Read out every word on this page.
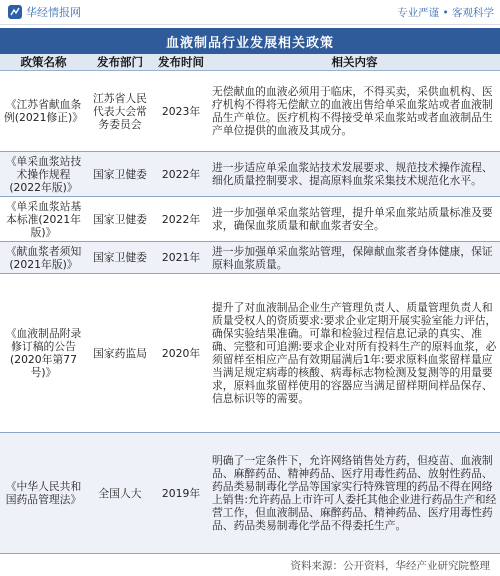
华经情报网	专业严谨 • 客观科学
血液制品行业发展相关政策
政策名称	发布部门	发布时间	相关内容
《江苏省献血条例(2021修正)》	江苏省人民代表大会常务委员会	2023年	无偿献血的血液必须用于临床，不得买卖，采供血机构、医疗机构不得将无偿献立的血液出售给单采血浆站或者血液制品生产单位。医疗机构不得接受单采血浆站或者血液制品生产单位提供的血液及其成分。
《单采血浆站技术操作规程(2022年版)》	国家卫健委	2022年	进一步适应单采血浆站技术发展要求、规范技术操作流程、细化质量控制要求、提高原料血浆采集技术规范化水平。
《单采血浆站基本标准(2021年版)》	国家卫健委	2022年	进一步加强单采血浆站管理，提升单采血浆站质量标准及要求，确保血浆质量和献血浆者安全。
《献血浆者须知(2021年版)》	国家卫健委	2021年	进一步加强单采血浆站管理，保障献血浆者身体健康，保证原料血浆质量。
《血液制品附录修订稿的公告(2020年第77号)》	国家药监局	2020年	提升了对血液制品企业生产管理负责人、质量管理负责人和质量受权人的资质要求:要求企业定期开展实验室能力评估，确保实验结果准确。可靠和检验过程信息记录的真实、准确、完整和可追溯:要求企业对所有投料生产的原料血浆，必须留样至相应产品有效期届满后1年:要求原料血浆留样量应当满足规定病毒的核酸、病毒标志物检测及复测等的用量要求，原料血浆留样使用的容器应当满足留样期间样品保存、信息标识等的需要。
《中华人民共和国药品管理法》	全国人大	2019年	明确了一定条件下，允许网络销售处方药，但疫苗、血液制品、麻醉药品、精神药品、医疗用毒性药品、放射性药品、药品类易制毒化学品等国家实行特殊管理的药品不得在网络上销售:允许药品上市许可人委托其他企业进行药品生产和经营工作，但血液制品、麻醉药品、精神药品、医疗用毒性药品、药品类易制毒化学品不得委托生产。
资料来源：公开资料，华经产业研究院整理
